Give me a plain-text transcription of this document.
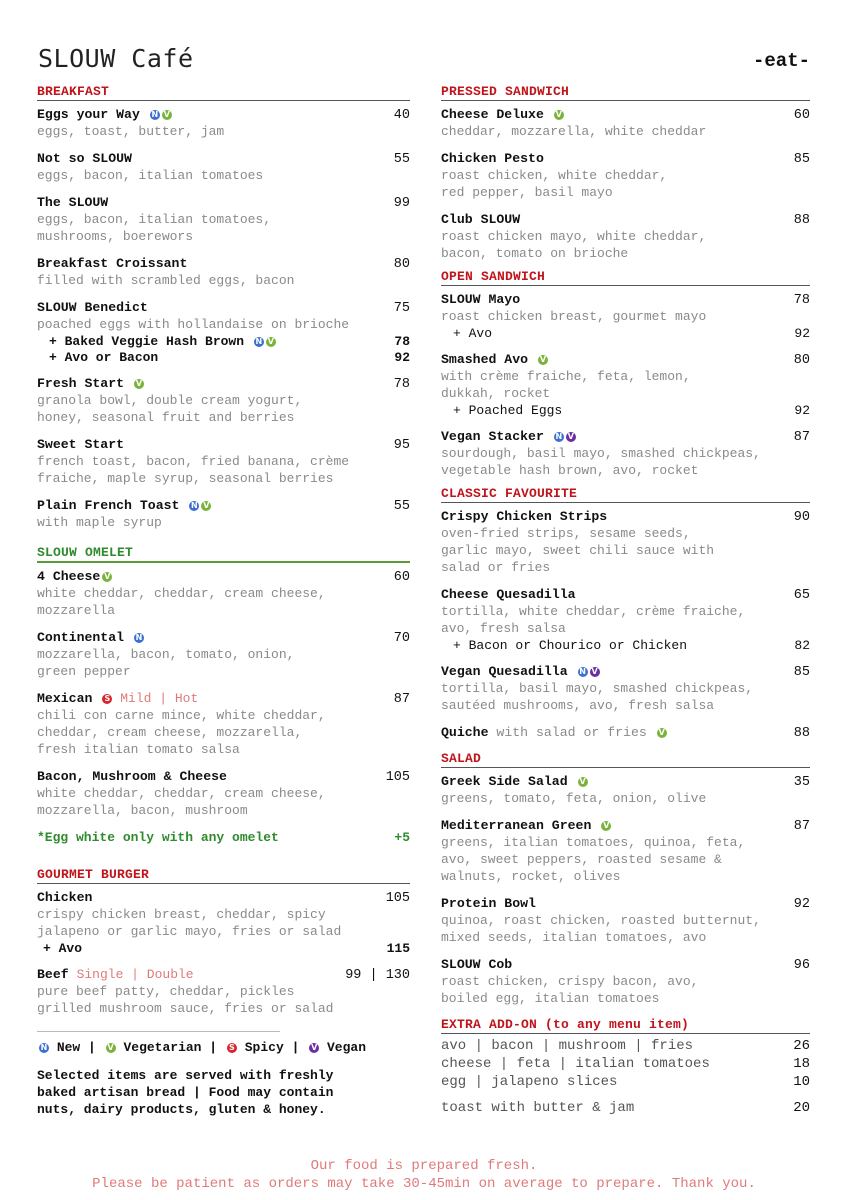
SLOUW Café	-eat-
BREAKFAST
Eggs your Way N V	40
eggs, toast, butter, jam
Not so SLOUW	55
eggs, bacon, italian tomatoes
The SLOUW	99
eggs, bacon, italian tomatoes,
mushrooms, boerewors
Breakfast Croissant	80
filled with scrambled eggs, bacon
SLOUW Benedict	75
poached eggs with hollandaise on brioche
+ Baked Veggie Hash Brown N V	78
+ Avo or Bacon	92
Fresh Start V	78
granola bowl, double cream yogurt,
honey, seasonal fruit and berries
Sweet Start	95
french toast, bacon, fried banana, crème
fraiche, maple syrup, seasonal berries
Plain French Toast N V	55
with maple syrup
SLOUW OMELET
4 Cheese V	60
white cheddar, cheddar, cream cheese,
mozzarella
Continental N	70
mozzarella, bacon, tomato, onion,
green pepper
Mexican S Mild | Hot	87
chili con carne mince, white cheddar,
cheddar, cream cheese, mozzarella,
fresh italian tomato salsa
Bacon, Mushroom & Cheese	105
white cheddar, cheddar, cream cheese,
mozzarella, bacon, mushroom
*Egg white only with any omelet	+5
GOURMET BURGER
Chicken	105
crispy chicken breast, cheddar, spicy
jalapeno or garlic mayo, fries or salad
+ Avo	115
Beef Single | Double	99 | 130
pure beef patty, cheddar, pickles
grilled mushroom sauce, fries or salad
N New | V Vegetarian | S Spicy | V Vegan
Selected items are served with freshly
baked artisan bread | Food may contain
nuts, dairy products, gluten & honey.
PRESSED SANDWICH
Cheese Deluxe V	60
cheddar, mozzarella, white cheddar
Chicken Pesto	85
roast chicken, white cheddar,
red pepper, basil mayo
Club SLOUW	88
roast chicken mayo, white cheddar,
bacon, tomato on brioche
OPEN SANDWICH
SLOUW Mayo	78
roast chicken breast, gourmet mayo
+ Avo	92
Smashed Avo V	80
with crème fraiche, feta, lemon,
dukkah, rocket
+ Poached Eggs	92
Vegan Stacker N V	87
sourdough, basil mayo, smashed chickpeas,
vegetable hash brown, avo, rocket
CLASSIC FAVOURITE
Crispy Chicken Strips	90
oven-fried strips, sesame seeds,
garlic mayo, sweet chili sauce with
salad or fries
Cheese Quesadilla	65
tortilla, white cheddar, crème fraiche,
avo, fresh salsa
+ Bacon or Chourico or Chicken	82
Vegan Quesadilla N V	85
tortilla, basil mayo, smashed chickpeas,
sautéed mushrooms, avo, fresh salsa
Quiche with salad or fries V	88
SALAD
Greek Side Salad V	35
greens, tomato, feta, onion, olive
Mediterranean Green V	87
greens, italian tomatoes, quinoa, feta,
avo, sweet peppers, roasted sesame &
walnuts, rocket, olives
Protein Bowl	92
quinoa, roast chicken, roasted butternut,
mixed seeds, italian tomatoes, avo
SLOUW Cob	96
roast chicken, crispy bacon, avo,
boiled egg, italian tomatoes
EXTRA ADD-ON (to any menu item)
avo | bacon | mushroom | fries	26
cheese | feta | italian tomatoes	18
egg | jalapeno slices	10
toast with butter & jam	20
Our food is prepared fresh.
Please be patient as orders may take 30-45min on average to prepare. Thank you.
